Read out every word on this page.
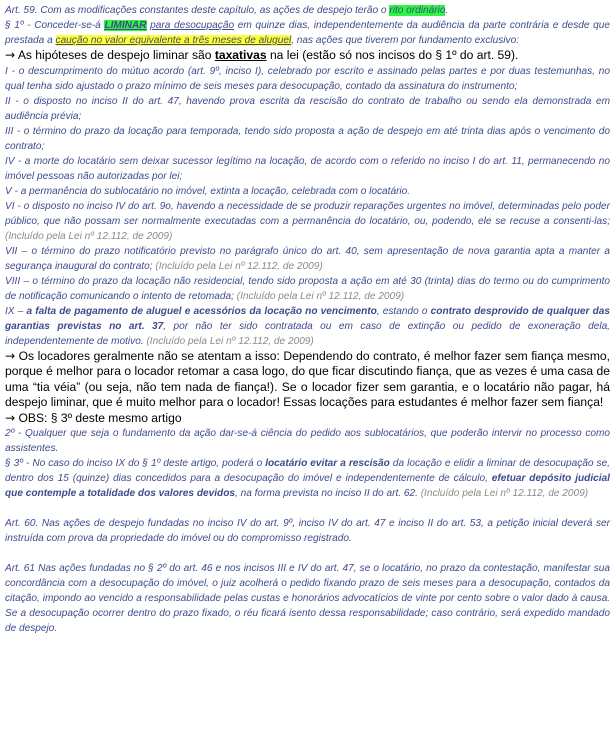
Art. 59. Com as modificações constantes deste capítulo, as ações de despejo terão o rito ordinário.

§ 1º - Conceder-se-á LIMINAR para desocupação em quinze dias, independentemente da audiência da parte contrária e desde que prestada a caução no valor equivalente a três meses de aluguel, nas ações que tiverem por fundamento exclusivo:

→ As hipóteses de despejo liminar são taxativas na lei (estão só nos incisos do § 1º do art. 59).

I - o descumprimento do mútuo acordo (art. 9º, inciso I), celebrado por escrito e assinado pelas partes e por duas testemunhas, no qual tenha sido ajustado o prazo mínimo de seis meses para desocupação, contado da assinatura do instrumento;

II - o disposto no inciso II do art. 47, havendo prova escrita da rescisão do contrato de trabalho ou sendo ela demonstrada em audiência prévia;

III - o término do prazo da locação para temporada, tendo sido proposta a ação de despejo em até trinta dias após o vencimento do contrato;

IV - a morte do locatário sem deixar sucessor legítimo na locação, de acordo com o referido no inciso I do art. 11, permanecendo no imóvel pessoas não autorizadas por lei;

V - a permanência do sublocatário no imóvel, extinta a locação, celebrada com o locatário.

VI - o disposto no inciso IV do art. 9o, havendo a necessidade de se produzir reparações urgentes no imóvel, determinadas pelo poder público, que não possam ser normalmente executadas com a permanência do locatário, ou, podendo, ele se recuse a consenti-las; (Incluído pela Lei nº 12.112, de 2009)

VII – o término do prazo notificatório previsto no parágrafo único do art. 40, sem apresentação de nova garantia apta a manter a segurança inaugural do contrato; (Incluído pela Lei nº 12.112, de 2009)

VIII – o término do prazo da locação não residencial, tendo sido proposta a ação em até 30 (trinta) dias do termo ou do cumprimento de notificação comunicando o intento de retomada; (Incluído pela Lei nº 12.112, de 2009)

IX – a falta de pagamento de aluguel e acessórios da locação no vencimento, estando o contrato desprovido de qualquer das garantias previstas no art. 37, por não ter sido contratada ou em caso de extinção ou pedido de exoneração dela, independentemente de motivo. (Incluído pela Lei nº 12.112, de 2009)

→ Os locadores geralmente não se atentam a isso: Dependendo do contrato, é melhor fazer sem fiança mesmo, porque é melhor para o locador retomar a casa logo, do que ficar discutindo fiança, que as vezes é uma casa de uma “tia véia” (ou seja, não tem nada de fiança!). Se o locador fizer sem garantia, e o locatário não pagar, há despejo liminar, que é muito melhor para o locador! Essas locações para estudantes é melhor fazer sem fiança!

→ OBS: § 3º deste mesmo artigo

2º - Qualquer que seja o fundamento da ação dar-se-á ciência do pedido aos sublocatários, que poderão intervir no processo como assistentes.

§ 3º - No caso do inciso IX do § 1º deste artigo, poderá o locatário evitar a rescisão da locação e elidir a liminar de desocupação se, dentro dos 15 (quinze) dias concedidos para a desocupação do imóvel e independentemente de cálculo, efetuar depósito judicial que contemple a totalidade dos valores devidos, na forma prevista no inciso II do art. 62. (Incluído pela Lei nº 12.112, de 2009)

Art. 60. Nas ações de despejo fundadas no inciso IV do art. 9º, inciso IV do art. 47 e inciso II do art. 53, a petição inicial deverá ser instruída com prova da propriedade do imóvel ou do compromisso registrado.

Art. 61 Nas ações fundadas no § 2º do art. 46 e nos incisos III e IV do art. 47, se o locatário, no prazo da contestação, manifestar sua concordância com a desocupação do imóvel, o juiz acolherá o pedido fixando prazo de seis meses para a desocupação, contados da citação, impondo ao vencido a responsabilidade pelas custas e honorários advocatícios de vinte por cento sobre o valor dado à causa. Se a desocupação ocorrer dentro do prazo fixado, o réu ficará isento dessa responsabilidade; caso contrário, será expedido mandado de despejo.
